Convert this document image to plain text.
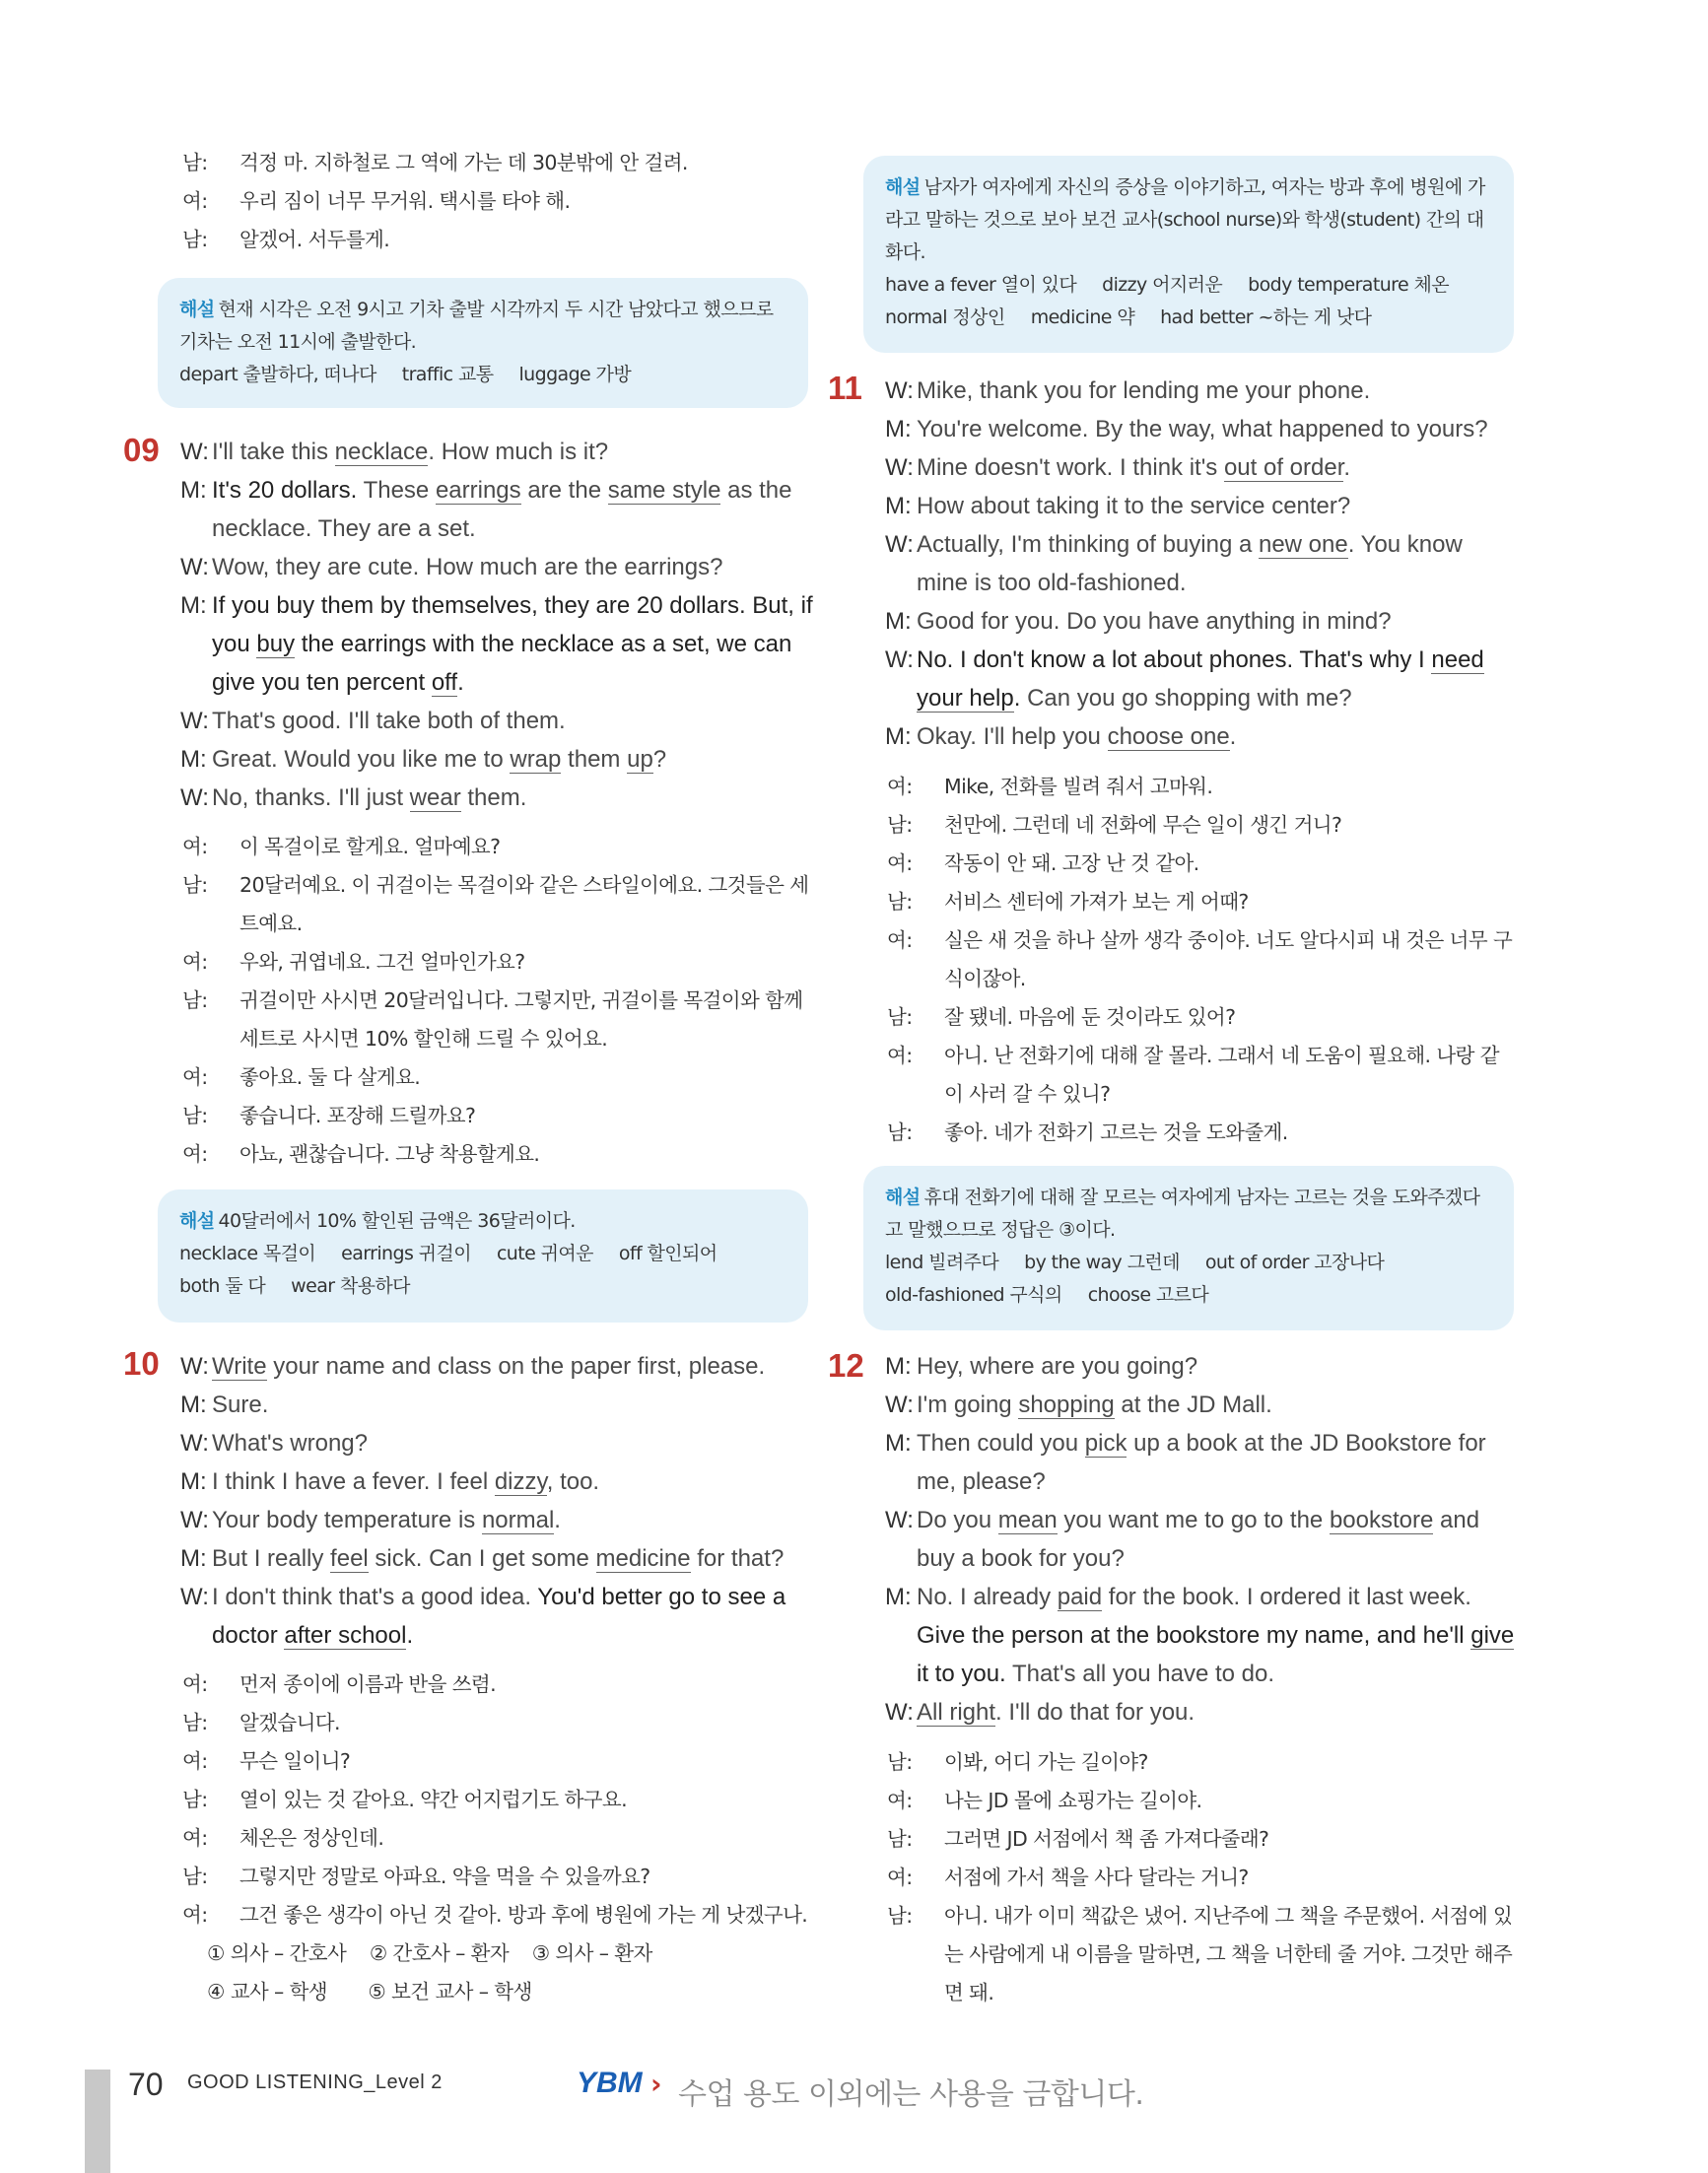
남: 걱정 마. 지하철로 그 역에 가는 데 30분밖에 안 걸려.
여: 우리 짐이 너무 무거워. 택시를 타야 해.
남: 알겠어. 서두를게.
해설 현재 시각은 오전 9시고 기차 출발 시각까지 두 시간 남았다고 했으므로 기차는 오전 11시에 출발한다.
depart 출발하다, 떠나다 traffic 교통 luggage 가방
09 W: I'll take this necklace. How much is it?
M: It's 20 dollars. These earrings are the same style as the necklace. They are a set.
W: Wow, they are cute. How much are the earrings?
M: If you buy them by themselves, they are 20 dollars. But, if you buy the earrings with the necklace as a set, we can give you ten percent off.
W: That's good. I'll take both of them.
M: Great. Would you like me to wrap them up?
W: No, thanks. I'll just wear them.
여: 이 목걸이로 할게요. 얼마예요?
남: 20달러예요. 이 귀걸이는 목걸이와 같은 스타일이에요. 그것들은 세트예요.
여: 우와, 귀엽네요. 그건 얼마인가요?
남: 귀걸이만 사시면 20달러입니다. 그렇지만, 귀걸이를 목걸이와 함께 세트로 사시면 10% 할인해 드릴 수 있어요.
여: 좋아요. 둘 다 살게요.
남: 좋습니다. 포장해 드릴까요?
여: 아뇨, 괜찮습니다. 그냥 착용할게요.
해설 40달러에서 10% 할인된 금액은 36달러이다.
necklace 목걸이 earrings 귀걸이 cute 귀여운 off 할인되어
both 둘 다 wear 착용하다
10 W: Write your name and class on the paper first, please.
M: Sure.
W: What's wrong?
M: I think I have a fever. I feel dizzy, too.
W: Your body temperature is normal.
M: But I really feel sick. Can I get some medicine for that?
W: I don't think that's a good idea. You'd better go to see a doctor after school.
여: 먼저 종이에 이름과 반을 쓰렴.
남: 알겠습니다.
여: 무슨 일이니?
남: 열이 있는 것 같아요. 약간 어지럽기도 하구요.
여: 체온은 정상인데.
남: 그렇지만 정말로 아파요. 약을 먹을 수 있을까요?
여: 그건 좋은 생각이 아닌 것 같아. 방과 후에 병원에 가는 게 낫겠구나.
① 의사 – 간호사    ② 간호사 – 환자    ③ 의사 – 환자
④ 교사 – 학생       ⑤ 보건 교사 – 학생
해설 남자가 여자에게 자신의 증상을 이야기하고, 여자는 방과 후에 병원에 가라고 말하는 것으로 보아 보건 교사(school nurse)와 학생(student) 간의 대화다.
have a fever 열이 있다 dizzy 어지러운 body temperature 체온
normal 정상인 medicine 약 had better ~하는 게 낫다
11 W: Mike, thank you for lending me your phone.
M: You're welcome. By the way, what happened to yours?
W: Mine doesn't work. I think it's out of order.
M: How about taking it to the service center?
W: Actually, I'm thinking of buying a new one. You know mine is too old-fashioned.
M: Good for you. Do you have anything in mind?
W: No. I don't know a lot about phones. That's why I need your help. Can you go shopping with me?
M: Okay. I'll help you choose one.
여: Mike, 전화를 빌려 줘서 고마워.
남: 천만에. 그런데 네 전화에 무슨 일이 생긴 거니?
여: 작동이 안 돼. 고장 난 것 같아.
남: 서비스 센터에 가져가 보는 게 어때?
여: 실은 새 것을 하나 살까 생각 중이야. 너도 알다시피 내 것은 너무 구식이잖아.
남: 잘 됐네. 마음에 둔 것이라도 있어?
여: 아니. 난 전화기에 대해 잘 몰라. 그래서 네 도움이 필요해. 나랑 같이 사러 갈 수 있니?
남: 좋아. 네가 전화기 고르는 것을 도와줄게.
해설 휴대 전화기에 대해 잘 모르는 여자에게 남자는 고르는 것을 도와주겠다고 말했으므로 정답은 ③이다.
lend 빌려주다 by the way 그런데 out of order 고장나다
old-fashioned 구식의 choose 고르다
12 M: Hey, where are you going?
W: I'm going shopping at the JD Mall.
M: Then could you pick up a book at the JD Bookstore for me, please?
W: Do you mean you want me to go to the bookstore and buy a book for you?
M: No. I already paid for the book. I ordered it last week. Give the person at the bookstore my name, and he'll give it to you. That's all you have to do.
W: All right. I'll do that for you.
남: 이봐, 어디 가는 길이야?
여: 나는 JD 몰에 쇼핑가는 길이야.
남: 그러면 JD 서점에서 책 좀 가져다줄래?
여: 서점에 가서 책을 사다 달라는 거니?
남: 아니. 내가 이미 책값은 냈어. 지난주에 그 책을 주문했어. 서점에 있는 사람에게 내 이름을 말하면, 그 책을 너한테 줄 거야. 그것만 해주면 돼.
70 GOOD LISTENING_Level 2	YBM › 수업 용도 이외에는 사용을 금합니다.
